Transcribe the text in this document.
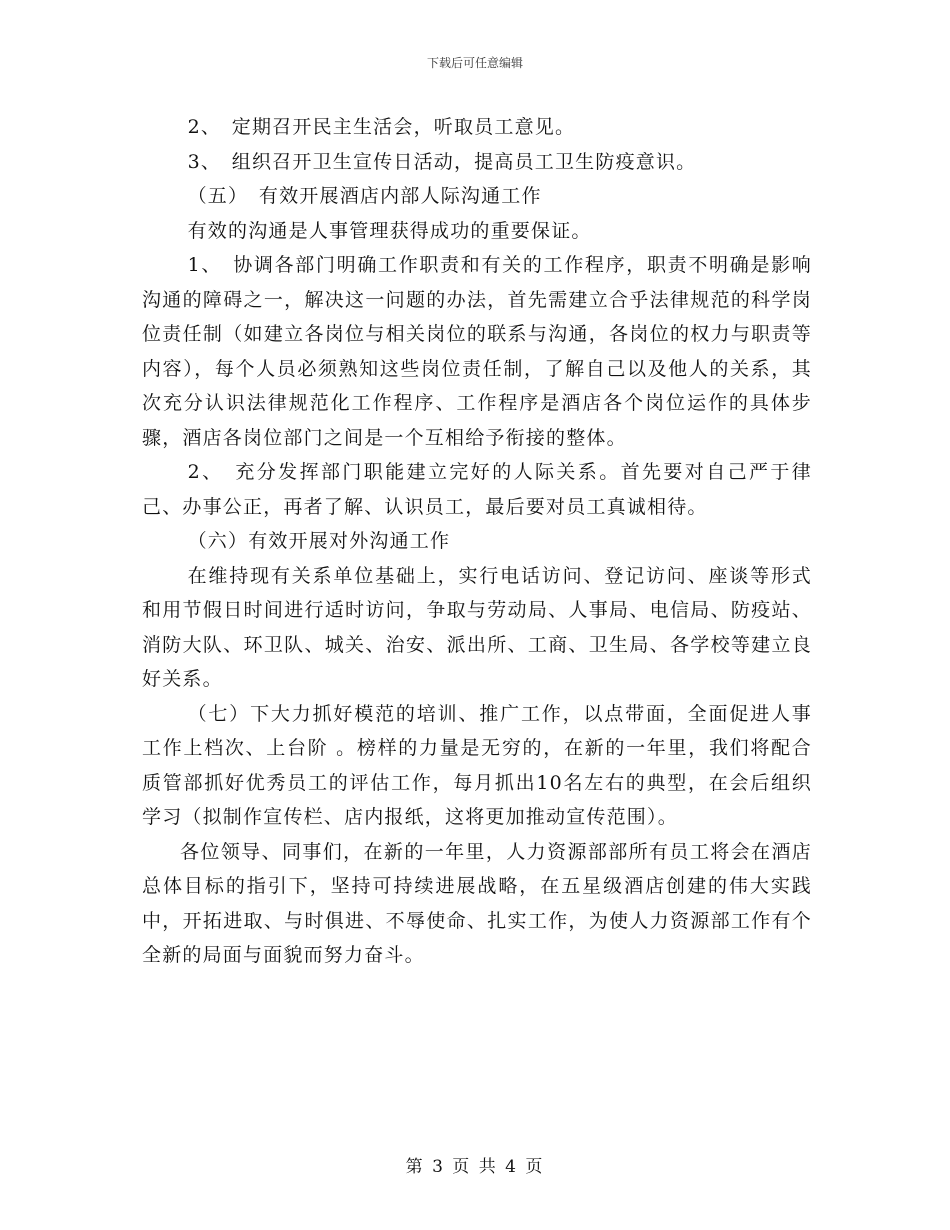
下载后可任意编辑

2、　定期召开民主生活会，听取员工意见。

3、　组织召开卫生宣传日活动，提高员工卫生防疫意识。

（五）　有效开展酒店内部人际沟通工作

有效的沟通是人事管理获得成功的重要保证。

1、　协调各部门明确工作职责和有关的工作程序，职责不明确是影响沟通的障碍之一，解决这一问题的办法，首先需建立合乎法律规范的科学岗位责任制（如建立各岗位与相关岗位的联系与沟通，各岗位的权力与职责等内容），每个人员必须熟知这些岗位责任制，了解自己以及他人的关系，其次充分认识法律规范化工作程序、工作程序是酒店各个岗位运作的具体步骤，酒店各岗位部门之间是一个互相给予衔接的整体。

2、　充分发挥部门职能建立完好的人际关系。首先要对自己严于律己、办事公正，再者了解、认识员工，最后要对员工真诚相待。

（六）有效开展对外沟通工作

在维持现有关系单位基础上，实行电话访问、登记访问、座谈等形式和用节假日时间进行适时访问，争取与劳动局、人事局、电信局、防疫站、消防大队、环卫队、城关、治安、派出所、工商、卫生局、各学校等建立良好关系。

（七）下大力抓好模范的培训、推广工作，以点带面，全面促进人事工作上档次、上台阶 。榜样的力量是无穷的，在新的一年里，我们将配合质管部抓好优秀员工的评估工作，每月抓出10名左右的典型，在会后组织学习（拟制作宣传栏、店内报纸，这将更加推动宣传范围）。

各位领导、同事们，在新的一年里，人力资源部部所有员工将会在酒店总体目标的指引下，坚持可持续进展战略，在五星级酒店创建的伟大实践中，开拓进取、与时俱进、不辱使命、扎实工作，为使人力资源部工作有个全新的局面与面貌而努力奋斗。

第 3 页 共 4 页
